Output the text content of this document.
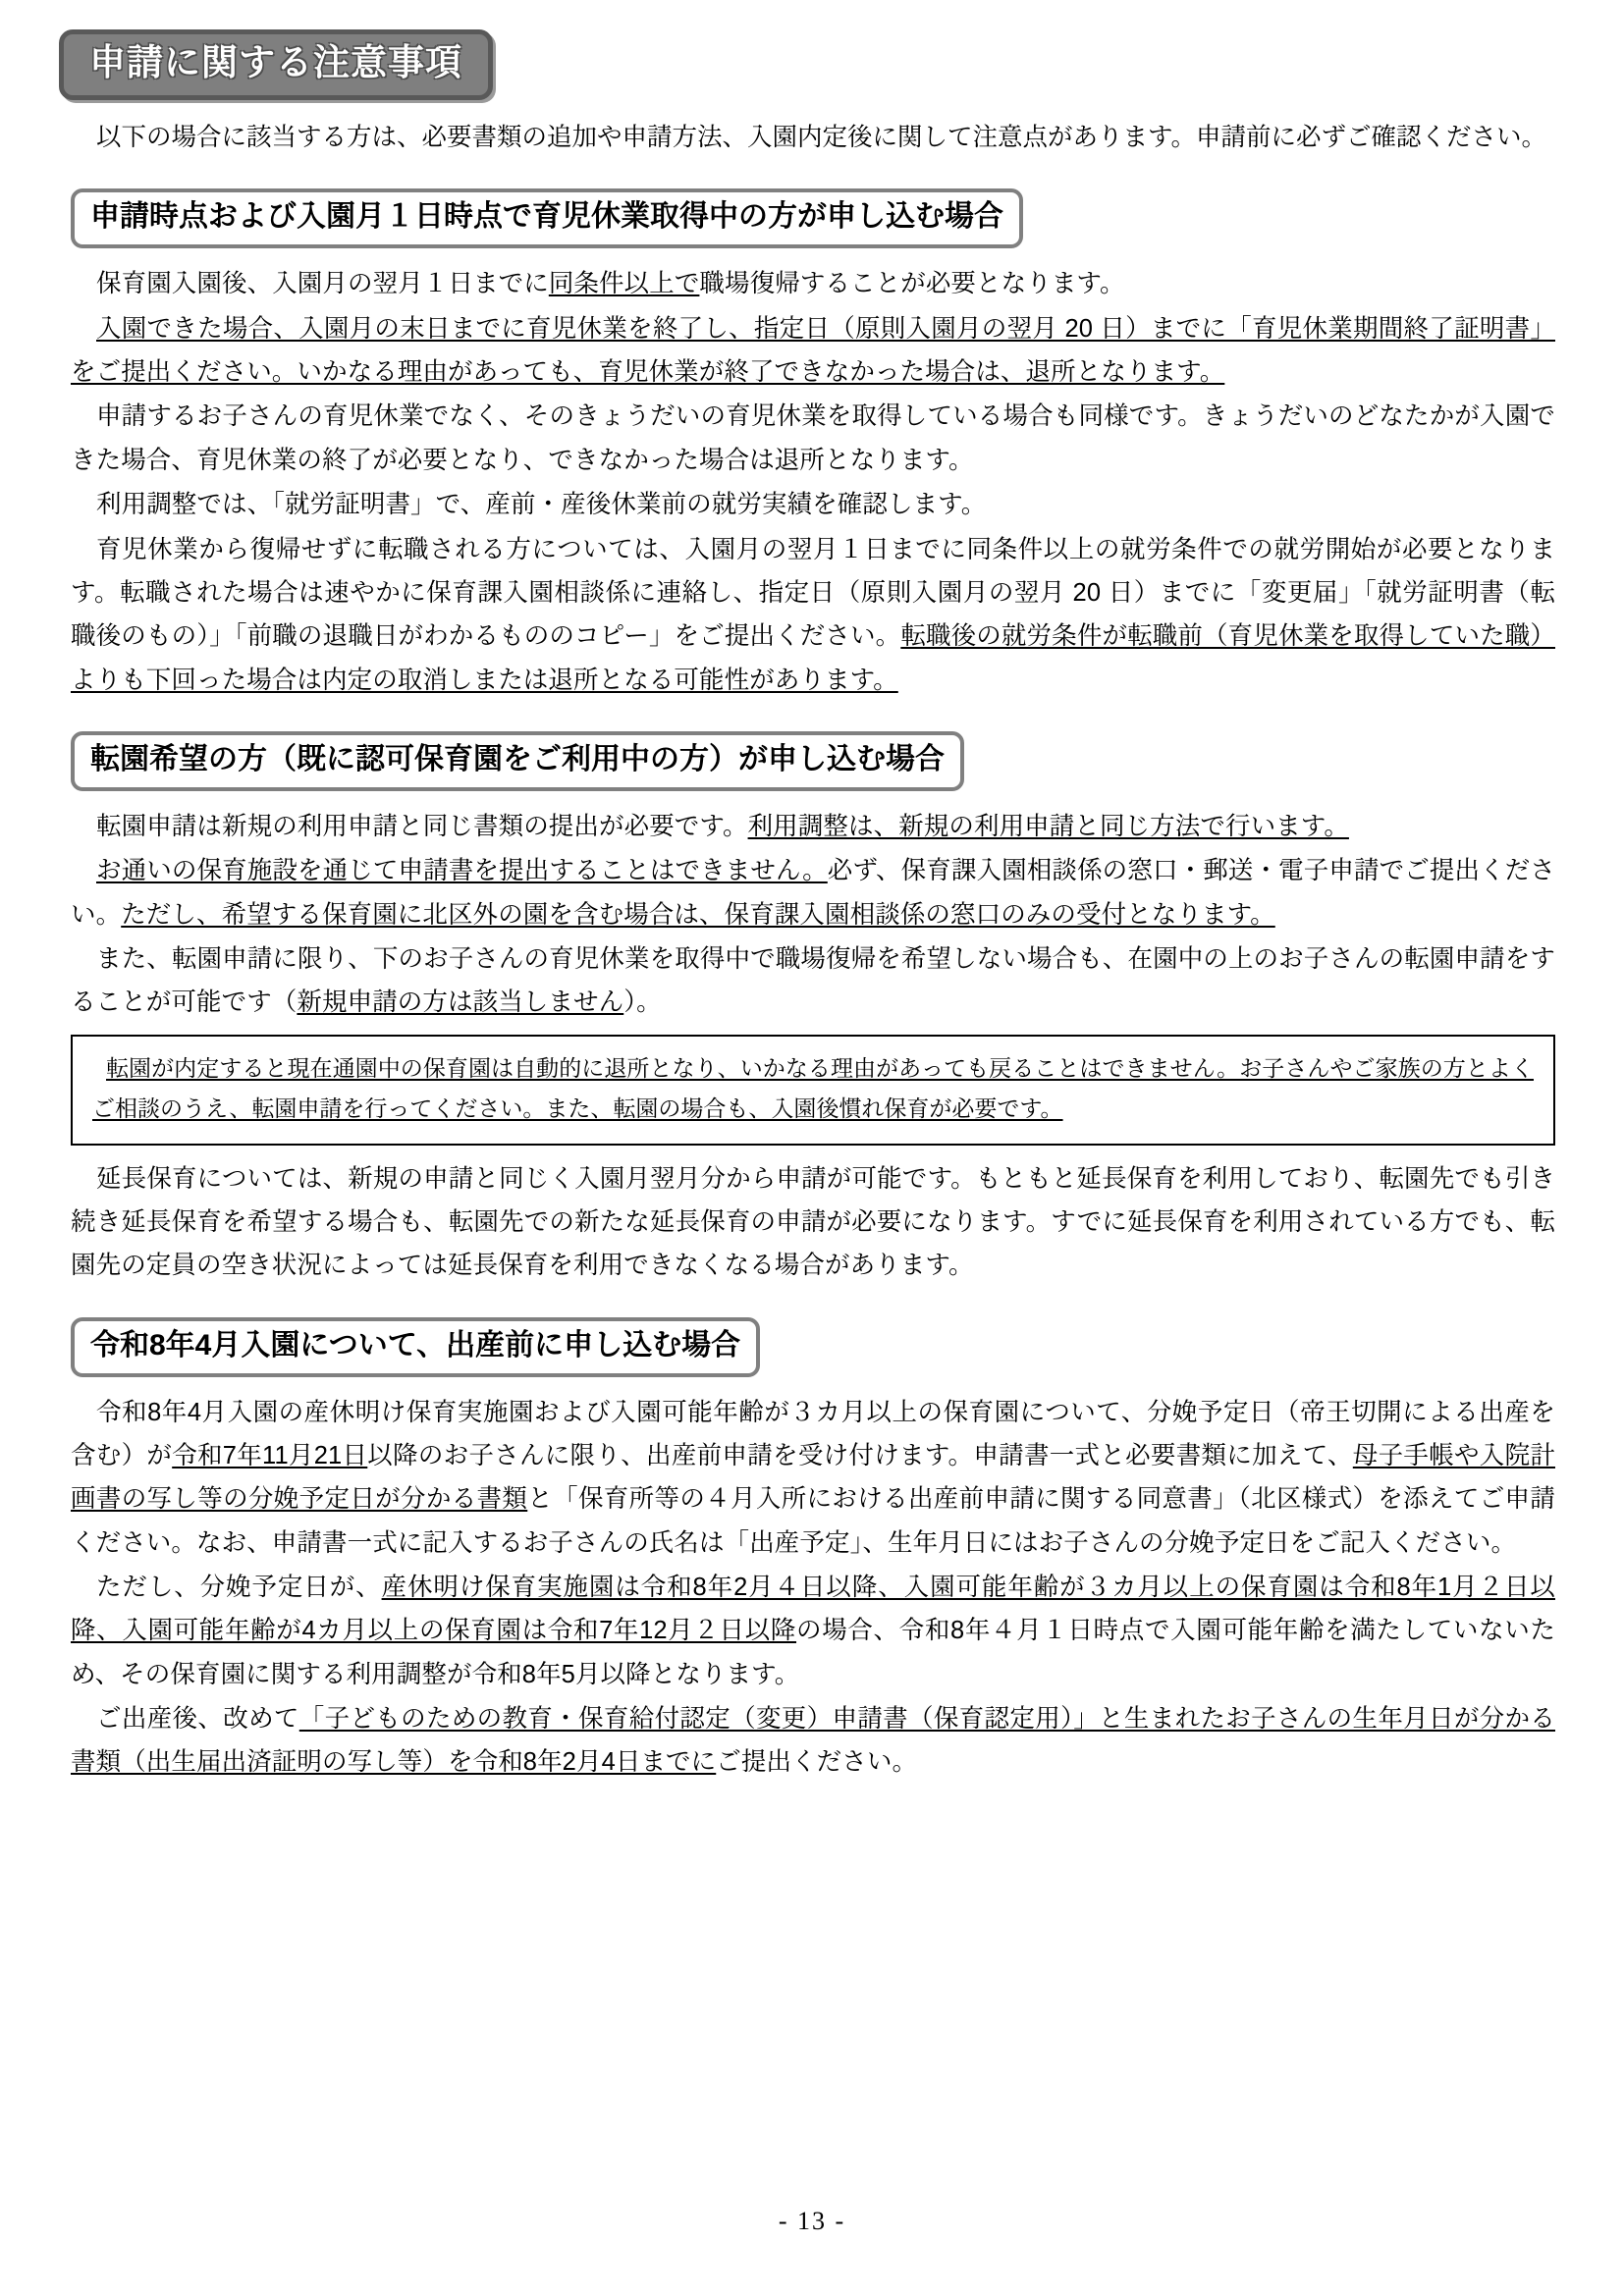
申請に関する注意事項

以下の場合に該当する方は、必要書類の追加や申請方法、入園内定後に関して注意点があります。申請前に必ずご確認ください。

申請時点および入園月１日時点で育児休業取得中の方が申し込む場合

保育園入園後、入園月の翌月１日までに同条件以上で職場復帰することが必要となります。

入園できた場合、入園月の末日までに育児休業を終了し、指定日（原則入園月の翌月 20 日）までに「育児休業期間終了証明書」をご提出ください。いかなる理由があっても、育児休業が終了できなかった場合は、退所となります。

申請するお子さんの育児休業でなく、そのきょうだいの育児休業を取得している場合も同様です。きょうだいのどなたかが入園できた場合、育児休業の終了が必要となり、できなかった場合は退所となります。

利用調整では、「就労証明書」で、産前・産後休業前の就労実績を確認します。

育児休業から復帰せずに転職される方については、入園月の翌月１日までに同条件以上の就労条件での就労開始が必要となります。転職された場合は速やかに保育課入園相談係に連絡し、指定日（原則入園月の翌月 20 日）までに「変更届」「就労証明書（転職後のもの）」「前職の退職日がわかるもののコピー」をご提出ください。転職後の就労条件が転職前（育児休業を取得していた職）よりも下回った場合は内定の取消しまたは退所となる可能性があります。

転園希望の方（既に認可保育園をご利用中の方）が申し込む場合

転園申請は新規の利用申請と同じ書類の提出が必要です。利用調整は、新規の利用申請と同じ方法で行います。

お通いの保育施設を通じて申請書を提出することはできません。必ず、保育課入園相談係の窓口・郵送・電子申請でご提出ください。ただし、希望する保育園に北区外の園を含む場合は、保育課入園相談係の窓口のみの受付となります。

また、転園申請に限り、下のお子さんの育児休業を取得中で職場復帰を希望しない場合も、在園中の上のお子さんの転園申請をすることが可能です（新規申請の方は該当しません）。

転園が内定すると現在通園中の保育園は自動的に退所となり、いかなる理由があっても戻ることはできません。お子さんやご家族の方とよくご相談のうえ、転園申請を行ってください。また、転園の場合も、入園後慣れ保育が必要です。

延長保育については、新規の申請と同じく入園月翌月分から申請が可能です。もともと延長保育を利用しており、転園先でも引き続き延長保育を希望する場合も、転園先での新たな延長保育の申請が必要になります。すでに延長保育を利用されている方でも、転園先の定員の空き状況によっては延長保育を利用できなくなる場合があります。

令和8年4月入園について、出産前に申し込む場合

令和8年4月入園の産休明け保育実施園および入園可能年齢が３カ月以上の保育園について、分娩予定日（帝王切開による出産を含む）が令和7年11月21日以降のお子さんに限り、出産前申請を受け付けます。申請書一式と必要書類に加えて、母子手帳や入院計画書の写し等の分娩予定日が分かる書類と「保育所等の４月入所における出産前申請に関する同意書」（北区様式）を添えてご申請ください。なお、申請書一式に記入するお子さんの氏名は「出産予定」、生年月日にはお子さんの分娩予定日をご記入ください。

ただし、分娩予定日が、産休明け保育実施園は令和8年2月４日以降、入園可能年齢が３カ月以上の保育園は令和8年1月２日以降、入園可能年齢が4カ月以上の保育園は令和7年12月２日以降の場合、令和8年４月１日時点で入園可能年齢を満たしていないため、その保育園に関する利用調整が令和8年5月以降となります。

ご出産後、改めて「子どものための教育・保育給付認定（変更）申請書（保育認定用）」と生まれたお子さんの生年月日が分かる書類（出生届出済証明の写し等）を令和8年2月4日までにご提出ください。

- 13 -
